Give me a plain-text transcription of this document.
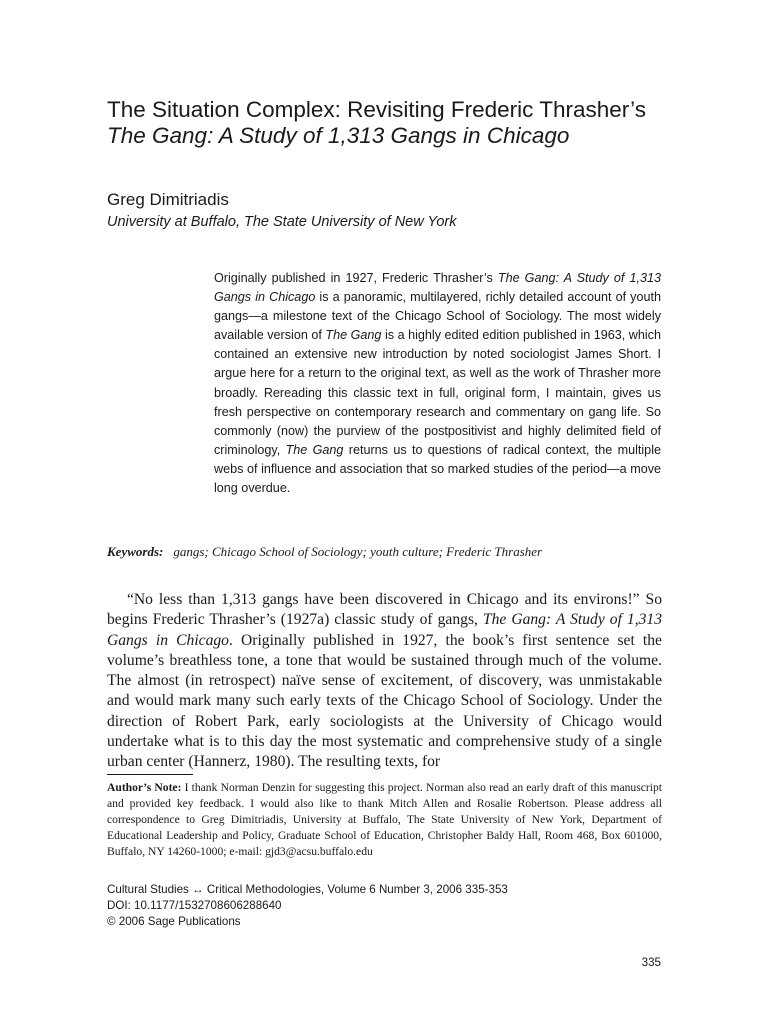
The Situation Complex: Revisiting Frederic Thrasher’s The Gang: A Study of 1,313 Gangs in Chicago
Greg Dimitriadis
University at Buffalo, The State University of New York

Originally published in 1927, Frederic Thrasher’s The Gang: A Study of 1,313 Gangs in Chicago is a panoramic, multilayered, richly detailed account of youth gangs—a milestone text of the Chicago School of Sociology. The most widely available version of The Gang is a highly edited edition published in 1963, which contained an extensive new introduction by noted sociologist James Short. I argue here for a return to the original text, as well as the work of Thrasher more broadly. Rereading this classic text in full, original form, I maintain, gives us fresh perspective on contemporary research and commentary on gang life. So commonly (now) the purview of the postpositivist and highly delimited field of criminology, The Gang returns us to questions of radical context, the multiple webs of influence and association that so marked studies of the period—a move long overdue.

Keywords: gangs; Chicago School of Sociology; youth culture; Frederic Thrasher

“No less than 1,313 gangs have been discovered in Chicago and its environs!” So begins Frederic Thrasher’s (1927a) classic study of gangs, The Gang: A Study of 1,313 Gangs in Chicago. Originally published in 1927, the book’s first sentence set the volume’s breathless tone, a tone that would be sustained through much of the volume. The almost (in retrospect) naïve sense of excitement, of discovery, was unmistakable and would mark many such early texts of the Chicago School of Sociology. Under the direction of Robert Park, early sociologists at the University of Chicago would undertake what is to this day the most systematic and comprehensive study of a single urban center (Hannerz, 1980). The resulting texts, for

Author’s Note: I thank Norman Denzin for suggesting this project. Norman also read an early draft of this manuscript and provided key feedback. I would also like to thank Mitch Allen and Rosalie Robertson. Please address all correspondence to Greg Dimitriadis, University at Buffalo, The State University of New York, Department of Educational Leadership and Policy, Graduate School of Education, Christopher Baldy Hall, Room 468, Box 601000, Buffalo, NY 14260-1000; e-mail: gjd3@acsu.buffalo.edu

Cultural Studies ↔ Critical Methodologies, Volume 6 Number 3, 2006 335-353
DOI: 10.1177/1532708606288640
© 2006 Sage Publications
335
